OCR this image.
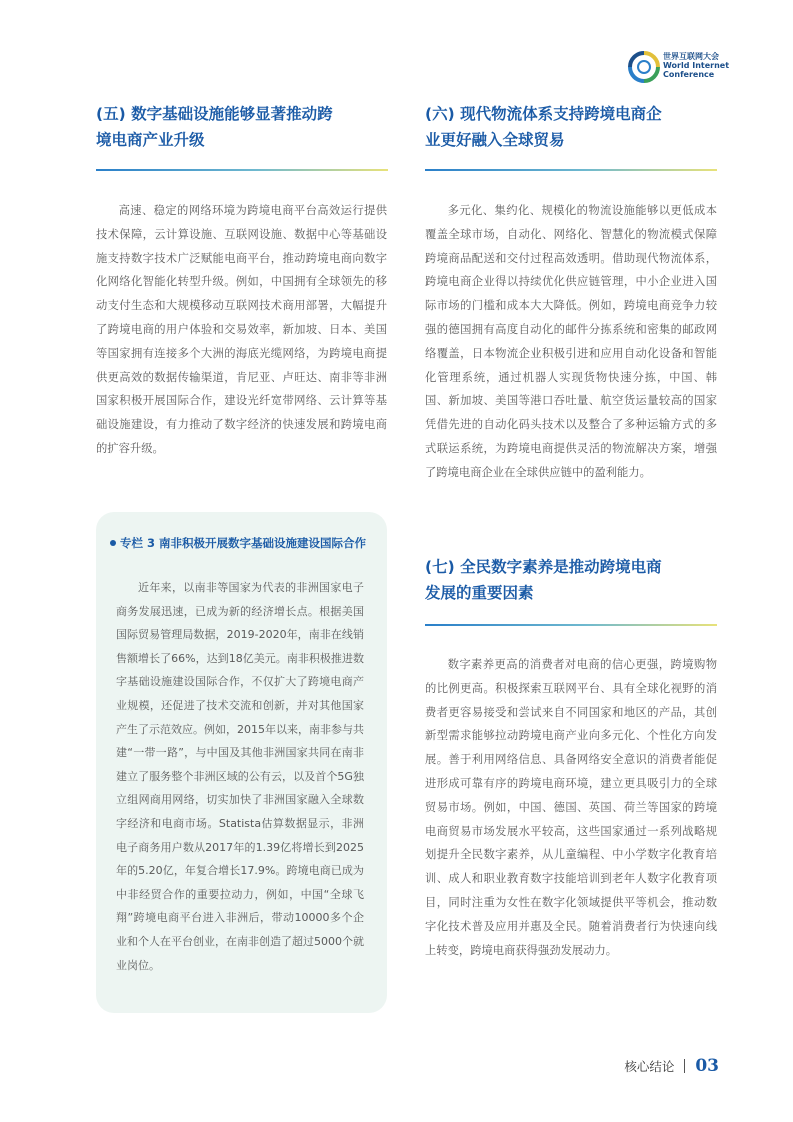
世界互联网大会
World Internet
Conference
(五) 数字基础设施能够显著推动跨
境电商产业升级

高速、稳定的网络环境为跨境电商平台高效运行提供技术保障，云计算设施、互联网设施、数据中心等基础设施支持数字技术广泛赋能电商平台，推动跨境电商向数字化网络化智能化转型升级。例如，中国拥有全球领先的移动支付生态和大规模移动互联网技术商用部署，大幅提升了跨境电商的用户体验和交易效率，新加坡、日本、美国等国家拥有连接多个大洲的海底光缆网络，为跨境电商提供更高效的数据传输渠道，肯尼亚、卢旺达、南非等非洲国家积极开展国际合作，建设光纤宽带网络、云计算等基础设施建设，有力推动了数字经济的快速发展和跨境电商的扩容升级。

专栏 3 南非积极开展数字基础设施建设国际合作

近年来，以南非等国家为代表的非洲国家电子商务发展迅速，已成为新的经济增长点。根据美国国际贸易管理局数据，2019-2020年，南非在线销售额增长了66%，达到18亿美元。南非积极推进数字基础设施建设国际合作，不仅扩大了跨境电商产业规模，还促进了技术交流和创新，并对其他国家产生了示范效应。例如，2015年以来，南非参与共建“一带一路”，与中国及其他非洲国家共同在南非建立了服务整个非洲区域的公有云，以及首个5G独立组网商用网络，切实加快了非洲国家融入全球数字经济和电商市场。Statista估算数据显示，非洲电子商务用户数从2017年的1.39亿将增长到2025年的5.20亿，年复合增长17.9%。跨境电商已成为中非经贸合作的重要拉动力，例如，中国“全球飞翔”跨境电商平台进入非洲后，带动10000多个企业和个人在平台创业，在南非创造了超过5000个就业岗位。

(六) 现代物流体系支持跨境电商企
业更好融入全球贸易

多元化、集约化、规模化的物流设施能够以更低成本覆盖全球市场，自动化、网络化、智慧化的物流模式保障跨境商品配送和交付过程高效透明。借助现代物流体系，跨境电商企业得以持续优化供应链管理，中小企业进入国际市场的门槛和成本大大降低。例如，跨境电商竞争力较强的德国拥有高度自动化的邮件分拣系统和密集的邮政网络覆盖，日本物流企业积极引进和应用自动化设备和智能化管理系统，通过机器人实现货物快速分拣，中国、韩国、新加坡、美国等港口吞吐量、航空货运量较高的国家凭借先进的自动化码头技术以及整合了多种运输方式的多式联运系统，为跨境电商提供灵活的物流解决方案，增强了跨境电商企业在全球供应链中的盈利能力。

(七) 全民数字素养是推动跨境电商
发展的重要因素

数字素养更高的消费者对电商的信心更强，跨境购物的比例更高。积极探索互联网平台、具有全球化视野的消费者更容易接受和尝试来自不同国家和地区的产品，其创新型需求能够拉动跨境电商产业向多元化、个性化方向发展。善于利用网络信息、具备网络安全意识的消费者能促进形成可靠有序的跨境电商环境，建立更具吸引力的全球贸易市场。例如，中国、德国、英国、荷兰等国家的跨境电商贸易市场发展水平较高，这些国家通过一系列战略规划提升全民数字素养，从儿童编程、中小学数字化教育培训、成人和职业教育数字技能培训到老年人数字化教育项目，同时注重为女性在数字化领域提供平等机会，推动数字化技术普及应用并惠及全民。随着消费者行为快速向线上转变，跨境电商获得强劲发展动力。

核心结论 03
